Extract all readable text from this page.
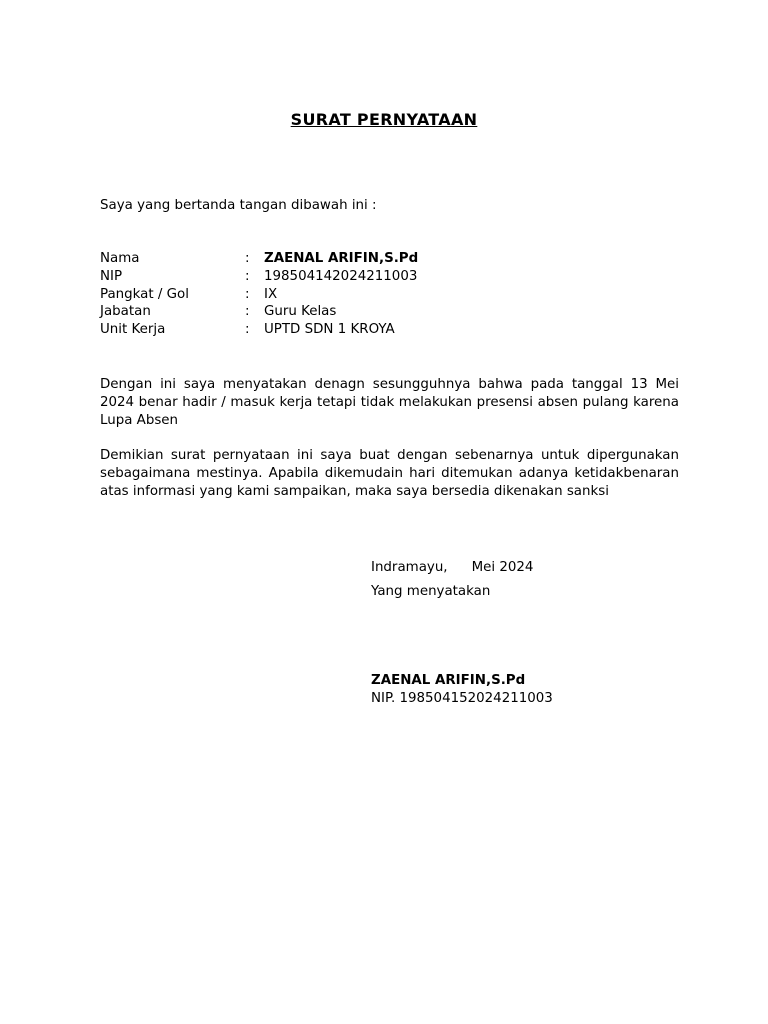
SURAT PERNYATAAN
Saya yang bertanda tangan dibawah ini :
Nama	: ZAENAL ARIFIN,S.Pd
NIP	: 198504142024211003
Pangkat / Gol	: IX
Jabatan	: Guru Kelas
Unit Kerja	: UPTD SDN 1 KROYA
Dengan ini saya menyatakan denagn sesungguhnya bahwa pada tanggal 13 Mei 2024 benar hadir / masuk kerja tetapi tidak melakukan presensi absen pulang karena Lupa Absen
Demikian surat pernyataan ini saya buat dengan sebenarnya untuk dipergunakan sebagaimana mestinya. Apabila dikemudain hari ditemukan adanya ketidakbenaran atas informasi yang kami sampaikan, maka saya bersedia dikenakan sanksi
Indramayu, Mei 2024
Yang menyatakan
ZAENAL ARIFIN,S.Pd
NIP. 198504152024211003
